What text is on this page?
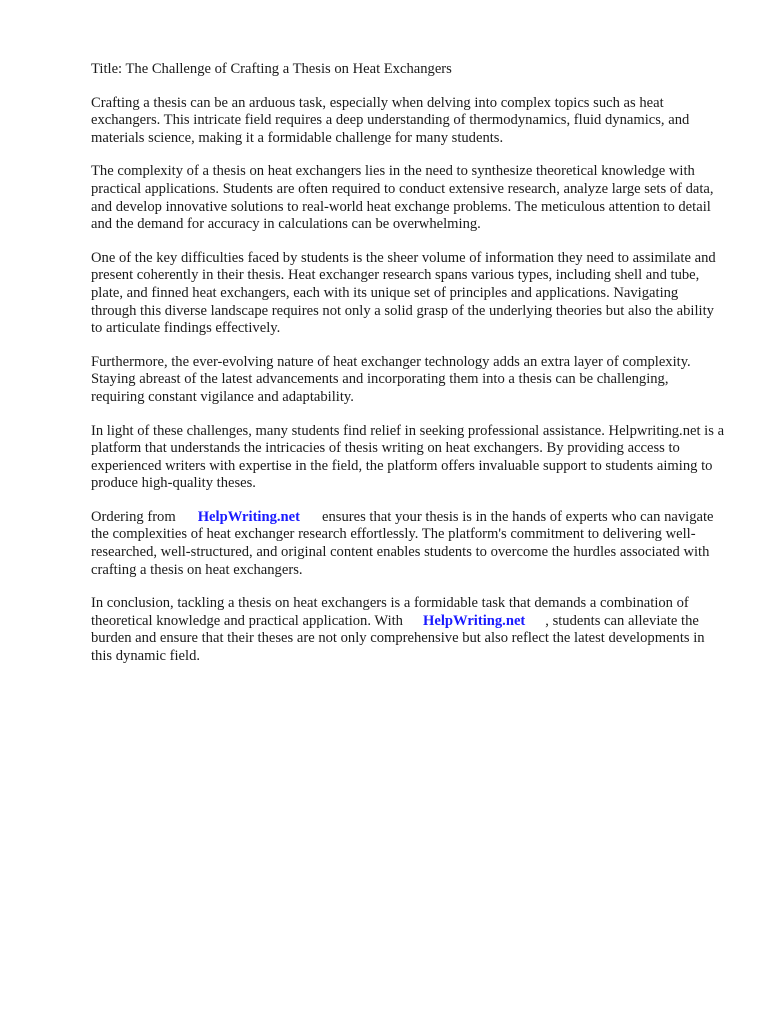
Title: The Challenge of Crafting a Thesis on Heat Exchangers

Crafting a thesis can be an arduous task, especially when delving into complex topics such as heat exchangers. This intricate field requires a deep understanding of thermodynamics, fluid dynamics, and materials science, making it a formidable challenge for many students.

The complexity of a thesis on heat exchangers lies in the need to synthesize theoretical knowledge with practical applications. Students are often required to conduct extensive research, analyze large sets of data, and develop innovative solutions to real-world heat exchange problems. The meticulous attention to detail and the demand for accuracy in calculations can be overwhelming.

One of the key difficulties faced by students is the sheer volume of information they need to assimilate and present coherently in their thesis. Heat exchanger research spans various types, including shell and tube, plate, and finned heat exchangers, each with its unique set of principles and applications. Navigating through this diverse landscape requires not only a solid grasp of the underlying theories but also the ability to articulate findings effectively.

Furthermore, the ever-evolving nature of heat exchanger technology adds an extra layer of complexity. Staying abreast of the latest advancements and incorporating them into a thesis can be challenging, requiring constant vigilance and adaptability.

In light of these challenges, many students find relief in seeking professional assistance. Helpwriting.net is a platform that understands the intricacies of thesis writing on heat exchangers. By providing access to experienced writers with expertise in the field, the platform offers invaluable support to students aiming to produce high-quality theses.

Ordering from HelpWriting.net ensures that your thesis is in the hands of experts who can navigate the complexities of heat exchanger research effortlessly. The platform's commitment to delivering well-researched, well-structured, and original content enables students to overcome the hurdles associated with crafting a thesis on heat exchangers.

In conclusion, tackling a thesis on heat exchangers is a formidable task that demands a combination of theoretical knowledge and practical application. With HelpWriting.net , students can alleviate the burden and ensure that their theses are not only comprehensive but also reflect the latest developments in this dynamic field.
